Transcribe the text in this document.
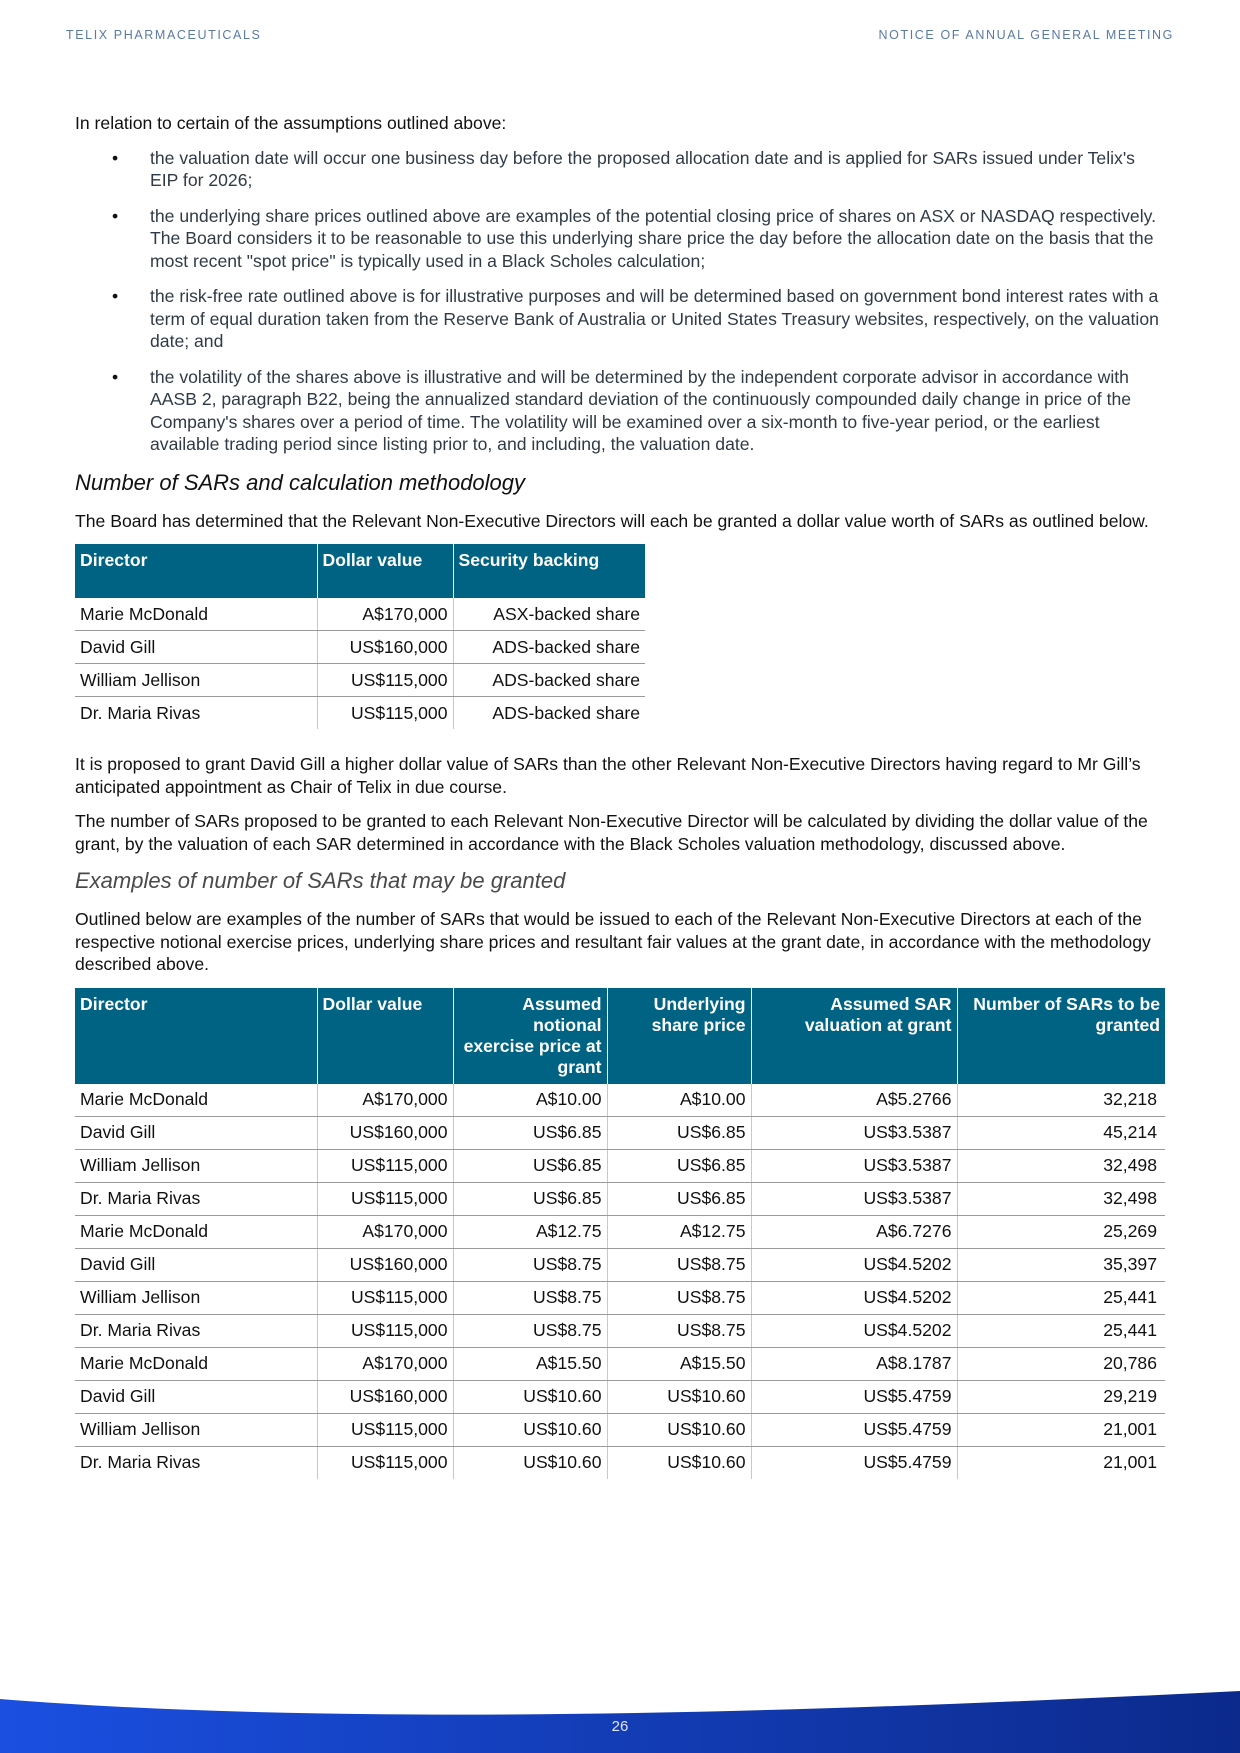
TELIX PHARMACEUTICALS	NOTICE OF ANNUAL GENERAL MEETING

In relation to certain of the assumptions outlined above:

• the valuation date will occur one business day before the proposed allocation date and is applied for SARs issued under Telix's EIP for 2026;
• the underlying share prices outlined above are examples of the potential closing price of shares on ASX or NASDAQ respectively. The Board considers it to be reasonable to use this underlying share price the day before the allocation date on the basis that the most recent "spot price" is typically used in a Black Scholes calculation;
• the risk-free rate outlined above is for illustrative purposes and will be determined based on government bond interest rates with a term of equal duration taken from the Reserve Bank of Australia or United States Treasury websites, respectively, on the valuation date; and
• the volatility of the shares above is illustrative and will be determined by the independent corporate advisor in accordance with AASB 2, paragraph B22, being the annualized standard deviation of the continuously compounded daily change in price of the Company's shares over a period of time. The volatility will be examined over a six-month to five-year period, or the earliest available trading period since listing prior to, and including, the valuation date.
Number of SARs and calculation methodology

The Board has determined that the Relevant Non-Executive Directors will each be granted a dollar value worth of SARs as outlined below.

Director	Dollar value	Security backing
Marie McDonald	A$170,000	ASX-backed share
David Gill	US$160,000	ADS-backed share
William Jellison	US$115,000	ADS-backed share
Dr. Maria Rivas	US$115,000	ADS-backed share

It is proposed to grant David Gill a higher dollar value of SARs than the other Relevant Non-Executive Directors having regard to Mr Gill’s anticipated appointment as Chair of Telix in due course.

The number of SARs proposed to be granted to each Relevant Non-Executive Director will be calculated by dividing the dollar value of the grant, by the valuation of each SAR determined in accordance with the Black Scholes valuation methodology, discussed above.

Examples of number of SARs that may be granted

Outlined below are examples of the number of SARs that would be issued to each of the Relevant Non-Executive Directors at each of the respective notional exercise prices, underlying share prices and resultant fair values at the grant date, in accordance with the methodology described above.

Director	Dollar value	Assumed notional exercise price at grant	Underlying share price	Assumed SAR valuation at grant	Number of SARs to be granted
Marie McDonald	A$170,000	A$10.00	A$10.00	A$5.2766	32,218
David Gill	US$160,000	US$6.85	US$6.85	US$3.5387	45,214
William Jellison	US$115,000	US$6.85	US$6.85	US$3.5387	32,498
Dr. Maria Rivas	US$115,000	US$6.85	US$6.85	US$3.5387	32,498
Marie McDonald	A$170,000	A$12.75	A$12.75	A$6.7276	25,269
David Gill	US$160,000	US$8.75	US$8.75	US$4.5202	35,397
William Jellison	US$115,000	US$8.75	US$8.75	US$4.5202	25,441
Dr. Maria Rivas	US$115,000	US$8.75	US$8.75	US$4.5202	25,441
Marie McDonald	A$170,000	A$15.50	A$15.50	A$8.1787	20,786
David Gill	US$160,000	US$10.60	US$10.60	US$5.4759	29,219
William Jellison	US$115,000	US$10.60	US$10.60	US$5.4759	21,001
Dr. Maria Rivas	US$115,000	US$10.60	US$10.60	US$5.4759	21,001
26
